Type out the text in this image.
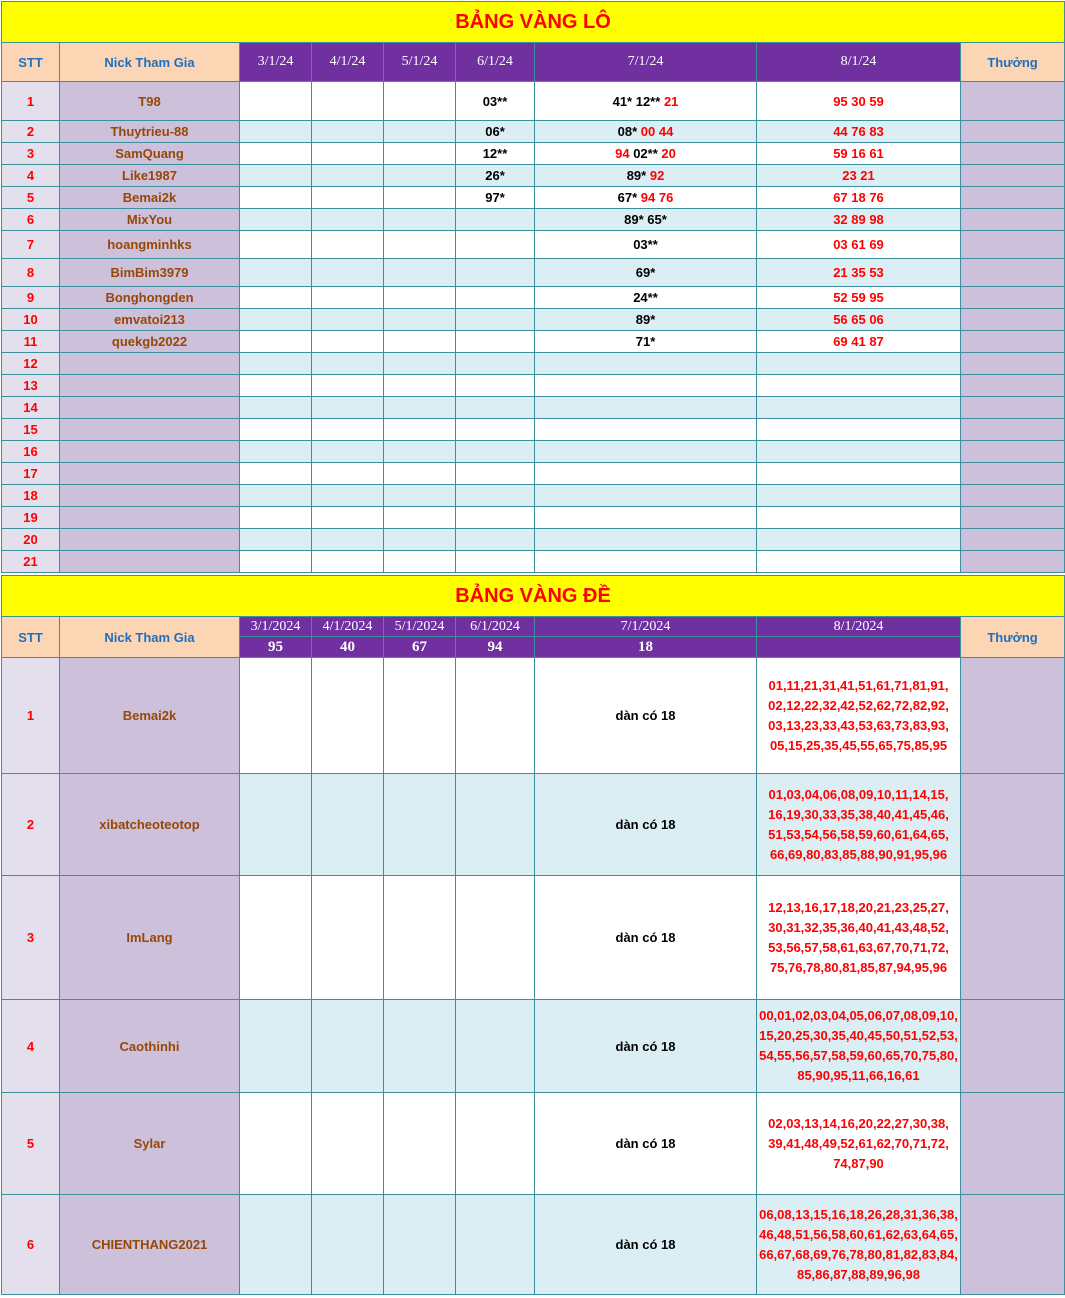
BẢNG VÀNG LÔ								
STT	Nick Tham Gia	3/1/24	4/1/24	5/1/24	6/1/24	7/1/24	8/1/24	Thưởng
1	T98				03**	41* 12** 21	95 30 59	
2	Thuytrieu-88				06*	08* 00 44	44 76 83	
3	SamQuang				12**	94 02** 20	59 16 61	
4	Like1987				26*	89* 92	23 21	
5	Bemai2k				97*	67* 94 76	67 18 76	
6	MixYou					89* 65*	32 89 98	
7	hoangminhks					03**	03 61 69	
8	BimBim3979					69*	21 35 53	
9	Bonghongden					24**	52 59 95	
10	emvatoi213					89*	56 65 06	
11	quekgb2022					71*	69 41 87	
12								
13								
14								
15								
16								
17								
18								
19								
20								
21								
BẢNG VÀNG ĐỀ								
STT	Nick Tham Gia	3/1/2024	4/1/2024	5/1/2024	6/1/2024	7/1/2024	8/1/2024	Thưởng
		95	40	67	94	18		
1	Bemai2k					dàn có 18	01,11,21,31,41,51,61,71,81,91,
02,12,22,32,42,52,62,72,82,92,
03,13,23,33,43,53,63,73,83,93,
05,15,25,35,45,55,65,75,85,95	

2	xibatcheoteotop					dàn có 18	01,03,04,06,08,09,10,11,14,15,
16,19,30,33,35,38,40,41,45,46,
51,53,54,56,58,59,60,61,64,65,
66,69,80,83,85,88,90,91,95,96	

3	ImLang					dàn có 18	12,13,16,17,18,20,21,23,25,27,
30,31,32,35,36,40,41,43,48,52,
53,56,57,58,61,63,67,70,71,72,
75,76,78,80,81,85,87,94,95,96	

4	Caothinhi					dàn có 18	00,01,02,03,04,05,06,07,08,09,10,
15,20,25,30,35,40,45,50,51,52,53,
54,55,56,57,58,59,60,65,70,75,80,
85,90,95,11,66,16,61	

5	Sylar					dàn có 18	02,03,13,14,16,20,22,27,30,38,
39,41,48,49,52,61,62,70,71,72,
74,87,90	

6	CHIENTHANG2021					dàn có 18	06,08,13,15,16,18,26,28,31,36,38,
46,48,51,56,58,60,61,62,63,64,65,
66,67,68,69,76,78,80,81,82,83,84,
85,86,87,88,89,96,98	
